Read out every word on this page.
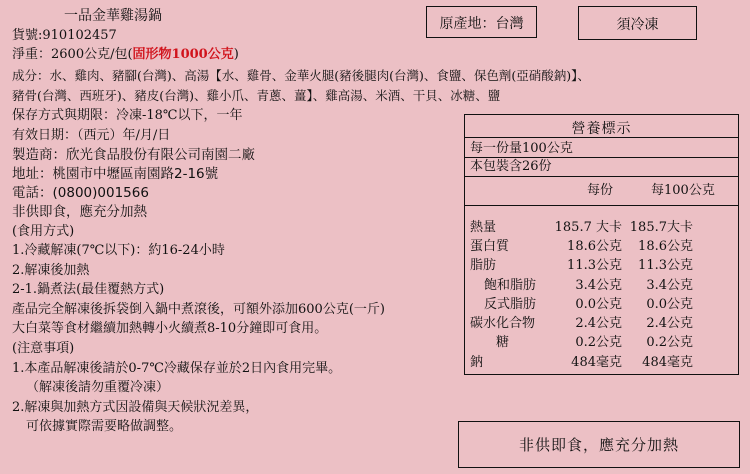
一品金華雞湯鍋	原產地：台灣	須冷凍
貨號:910102457
淨重：2600公克/包(固形物1000公克)
成分：水、雞肉、豬腳(台灣)、高湯【水、雞骨、金華火腿(豬後腿肉(台灣)、食鹽、保色劑(亞硝酸鈉)】、
豬骨(台灣、西班牙)、豬皮(台灣)、雞小爪、青蔥、薑】、雞高湯、米酒、干貝、冰糖、鹽
保存方式與期限：冷凍-18℃以下，一年
有效日期：（西元）年/月/日
製造商：欣光食品股份有限公司南園二廠
地址：桃園市中壢區南園路2-16號
電話：(0800)001566
非供即食，應充分加熱
(食用方式)
1.冷藏解凍(7℃以下)：約16-24小時
2.解凍後加熱
2-1.鍋煮法(最佳覆熱方式)
產品完全解凍後拆袋倒入鍋中煮滾後，可額外添加600公克(一斤)
大白菜等食材繼續加熱轉小火續煮8-10分鐘即可食用。
(注意事項)
1.本產品解凍後請於0-7℃冷藏保存並於2日內食用完畢。
（解凍後請勿重覆冷凍）
2.解凍與加熱方式因設備與天候狀況差異，
可依據實際需要略做調整。
營養標示
每一份量100公克
本包裝含26份
每份	每100公克
熱量	185.7 大卡 185.7大卡
蛋白質	18.6公克 18.6公克
脂肪	11.3公克 11.3公克
飽和脂肪	3.4公克 3.4公克
反式脂肪	0.0公克 0.0公克
碳水化合物	2.4公克 2.4公克
糖	0.2公克 0.2公克
鈉	484毫克 484毫克
非供即食，應充分加熱
